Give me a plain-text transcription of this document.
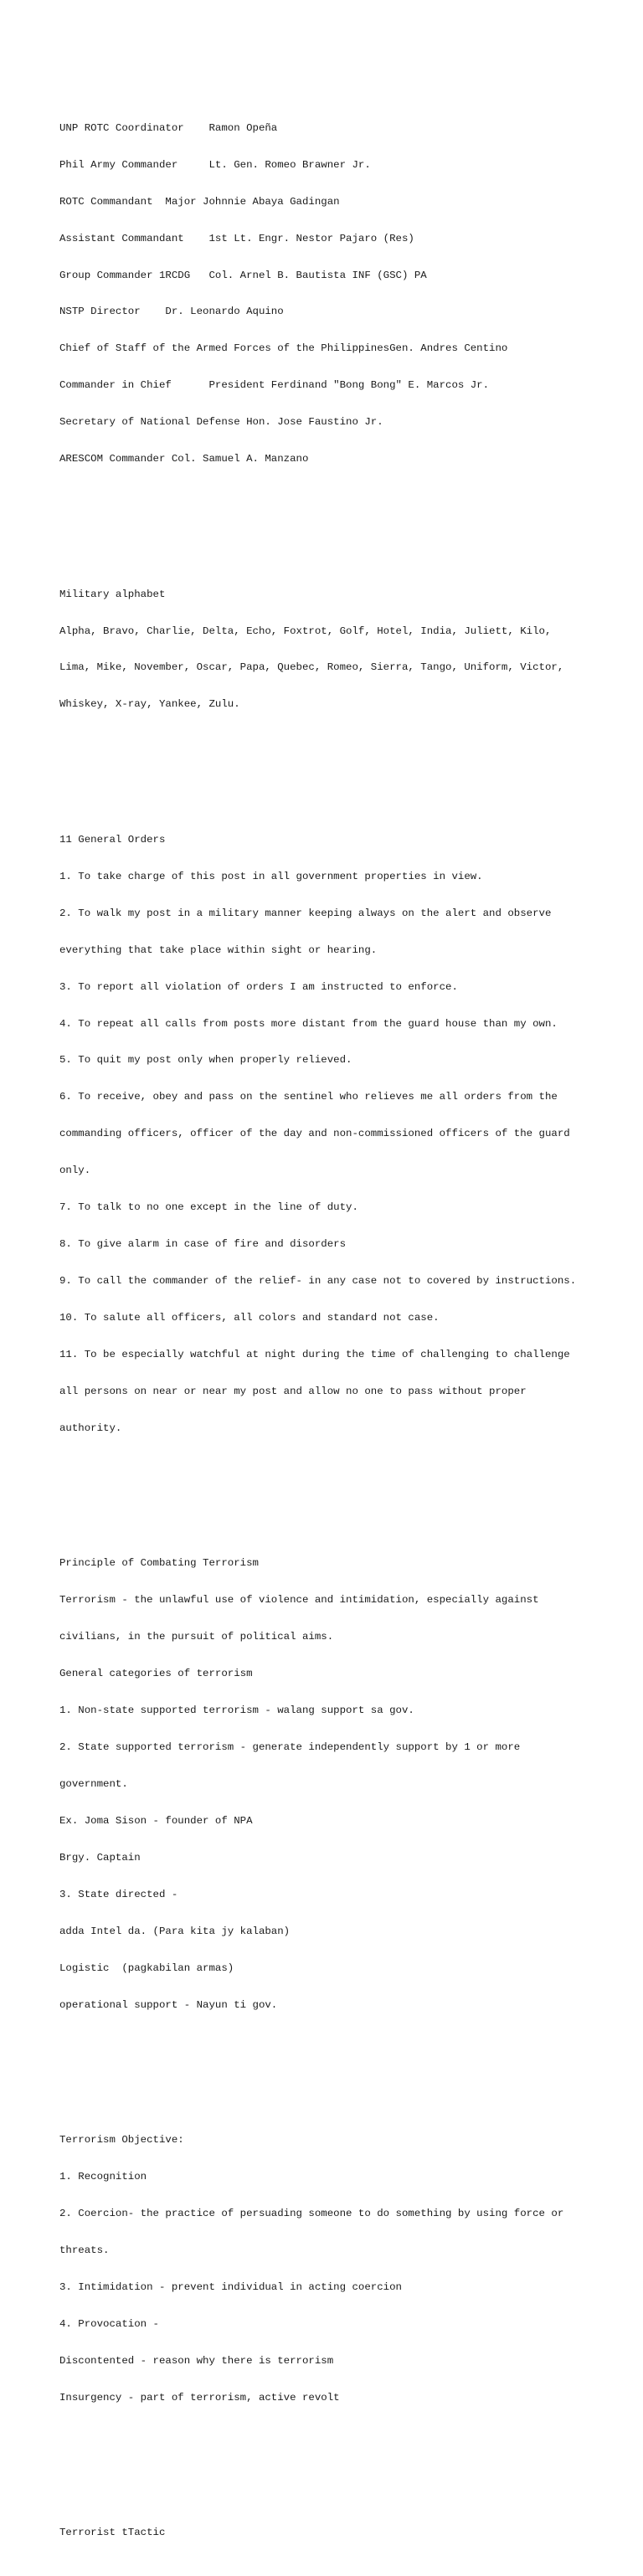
UNP ROTC Coordinator    Ramon Opeña

Phil Army Commander     Lt. Gen. Romeo Brawner Jr.

ROTC Commandant  Major Johnnie Abaya Gadingan

Assistant Commandant    1st Lt. Engr. Nestor Pajaro (Res)

Group Commander 1RCDG   Col. Arnel B. Bautista INF (GSC) PA

NSTP Director    Dr. Leonardo Aquino

Chief of Staff of the Armed Forces of the PhilippinesGen. Andres Centino

Commander in Chief      President Ferdinand "Bong Bong" E. Marcos Jr.

Secretary of National Defense Hon. Jose Faustino Jr.

ARESCOM Commander Col. Samuel A. Manzano

Military alphabet

Alpha, Bravo, Charlie, Delta, Echo, Foxtrot, Golf, Hotel, India, Juliett, Kilo,

Lima, Mike, November, Oscar, Papa, Quebec, Romeo, Sierra, Tango, Uniform, Victor,

Whiskey, X-ray, Yankee, Zulu.

11 General Orders

1. To take charge of this post in all government properties in view.

2. To walk my post in a military manner keeping always on the alert and observe

everything that take place within sight or hearing.

3. To report all violation of orders I am instructed to enforce.

4. To repeat all calls from posts more distant from the guard house than my own.

5. To quit my post only when properly relieved.

6. To receive, obey and pass on the sentinel who relieves me all orders from the

commanding officers, officer of the day and non-commissioned officers of the guard

only.

7. To talk to no one except in the line of duty.

8. To give alarm in case of fire and disorders

9. To call the commander of the relief- in any case not to covered by instructions.

10. To salute all officers, all colors and standard not case.

11. To be especially watchful at night during the time of challenging to challenge

all persons on near or near my post and allow no one to pass without proper

authority.

Principle of Combating Terrorism

Terrorism - the unlawful use of violence and intimidation, especially against

civilians, in the pursuit of political aims.

General categories of terrorism

1. Non-state supported terrorism - walang support sa gov.

2. State supported terrorism - generate independently support by 1 or more

government.

Ex. Joma Sison - founder of NPA

Brgy. Captain

3. State directed -

adda Intel da. (Para kita jy kalaban)

Logistic  (pagkabilan armas)

operational support - Nayun ti gov.

Terrorism Objective:

1. Recognition

2. Coercion- the practice of persuading someone to do something by using force or

threats.

3. Intimidation - prevent individual in acting coercion

4. Provocation -

Discontented - reason why there is terrorism

Insurgency - part of terrorism, active revolt

Terrorist tTactic
